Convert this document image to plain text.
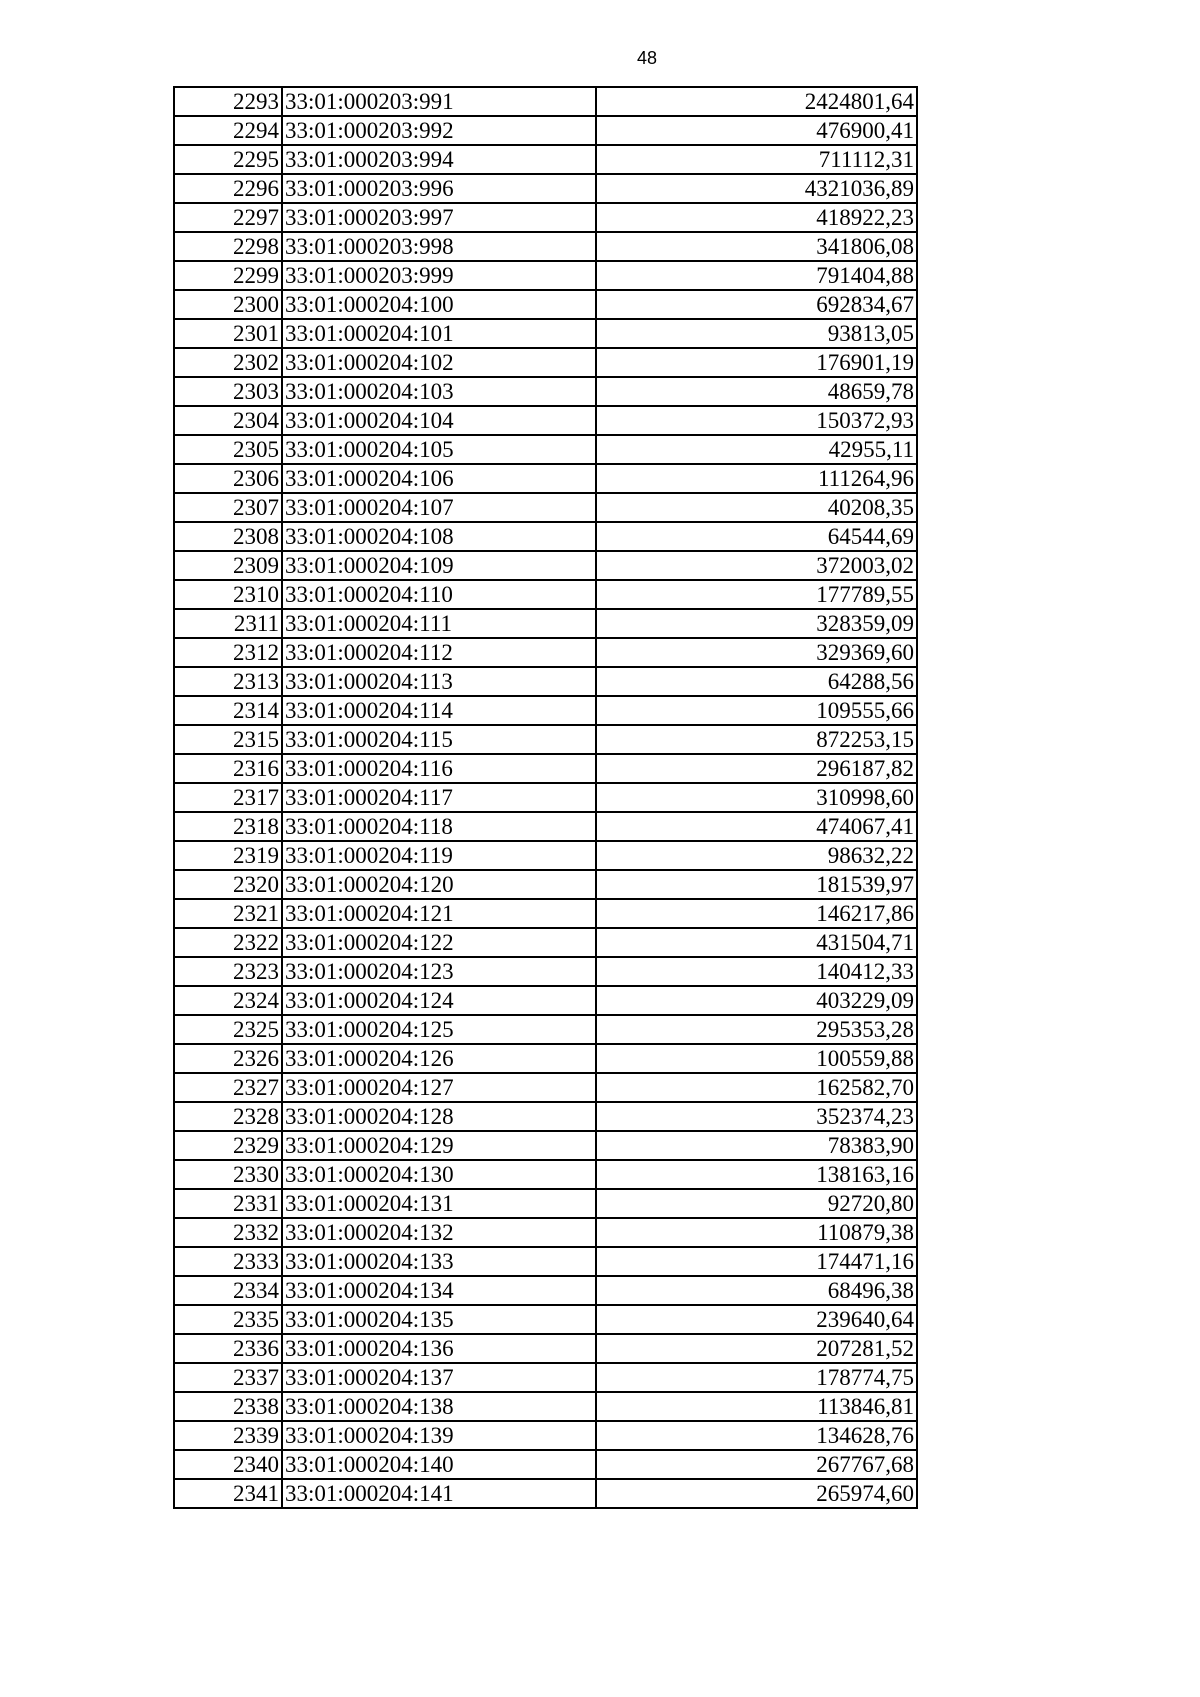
48
2293	33:01:000203:991	2424801,64
2294	33:01:000203:992	476900,41
2295	33:01:000203:994	711112,31
2296	33:01:000203:996	4321036,89
2297	33:01:000203:997	418922,23
2298	33:01:000203:998	341806,08
2299	33:01:000203:999	791404,88
2300	33:01:000204:100	692834,67
2301	33:01:000204:101	93813,05
2302	33:01:000204:102	176901,19
2303	33:01:000204:103	48659,78
2304	33:01:000204:104	150372,93
2305	33:01:000204:105	42955,11
2306	33:01:000204:106	111264,96
2307	33:01:000204:107	40208,35
2308	33:01:000204:108	64544,69
2309	33:01:000204:109	372003,02
2310	33:01:000204:110	177789,55
2311	33:01:000204:111	328359,09
2312	33:01:000204:112	329369,60
2313	33:01:000204:113	64288,56
2314	33:01:000204:114	109555,66
2315	33:01:000204:115	872253,15
2316	33:01:000204:116	296187,82
2317	33:01:000204:117	310998,60
2318	33:01:000204:118	474067,41
2319	33:01:000204:119	98632,22
2320	33:01:000204:120	181539,97
2321	33:01:000204:121	146217,86
2322	33:01:000204:122	431504,71
2323	33:01:000204:123	140412,33
2324	33:01:000204:124	403229,09
2325	33:01:000204:125	295353,28
2326	33:01:000204:126	100559,88
2327	33:01:000204:127	162582,70
2328	33:01:000204:128	352374,23
2329	33:01:000204:129	78383,90
2330	33:01:000204:130	138163,16
2331	33:01:000204:131	92720,80
2332	33:01:000204:132	110879,38
2333	33:01:000204:133	174471,16
2334	33:01:000204:134	68496,38
2335	33:01:000204:135	239640,64
2336	33:01:000204:136	207281,52
2337	33:01:000204:137	178774,75
2338	33:01:000204:138	113846,81
2339	33:01:000204:139	134628,76
2340	33:01:000204:140	267767,68
2341	33:01:000204:141	265974,60
